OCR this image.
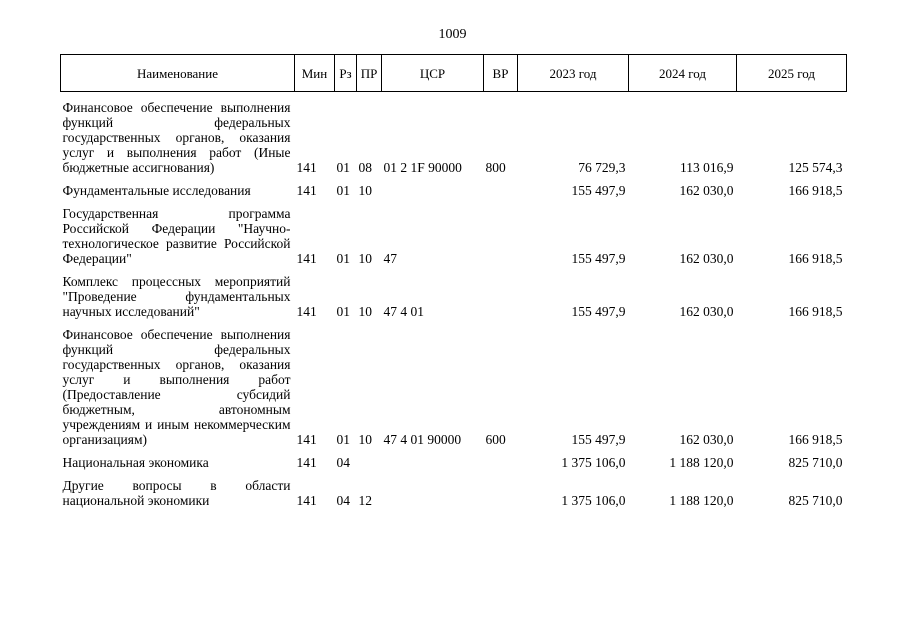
1009
Наименование	Мин	Рз	ПР	ЦСР	ВР	2023 год	2024 год	2025 год
Финансовое обеспечение выполнения функций федеральных государственных органов, оказания услуг и выполнения работ (Иные бюджетные ассигнования)	141	01	08	01 2 1F 90000	800	76 729,3	113 016,9	125 574,3
Фундаментальные исследования	141	01	10			155 497,9	162 030,0	166 918,5
Государственная программа Российской Федерации "Научно-технологическое развитие Российской Федерации"	141	01	10	47		155 497,9	162 030,0	166 918,5
Комплекс процессных мероприятий "Проведение фундаментальных научных исследований"	141	01	10	47 4 01		155 497,9	162 030,0	166 918,5
Финансовое обеспечение выполнения функций федеральных государственных органов, оказания услуг и выполнения работ (Предоставление субсидий бюджетным, автономным учреждениям и иным некоммерческим организациям)	141	01	10	47 4 01 90000	600	155 497,9	162 030,0	166 918,5
Национальная экономика	141	04				1 375 106,0	1 188 120,0	825 710,0
Другие вопросы в области национальной экономики	141	04	12			1 375 106,0	1 188 120,0	825 710,0
